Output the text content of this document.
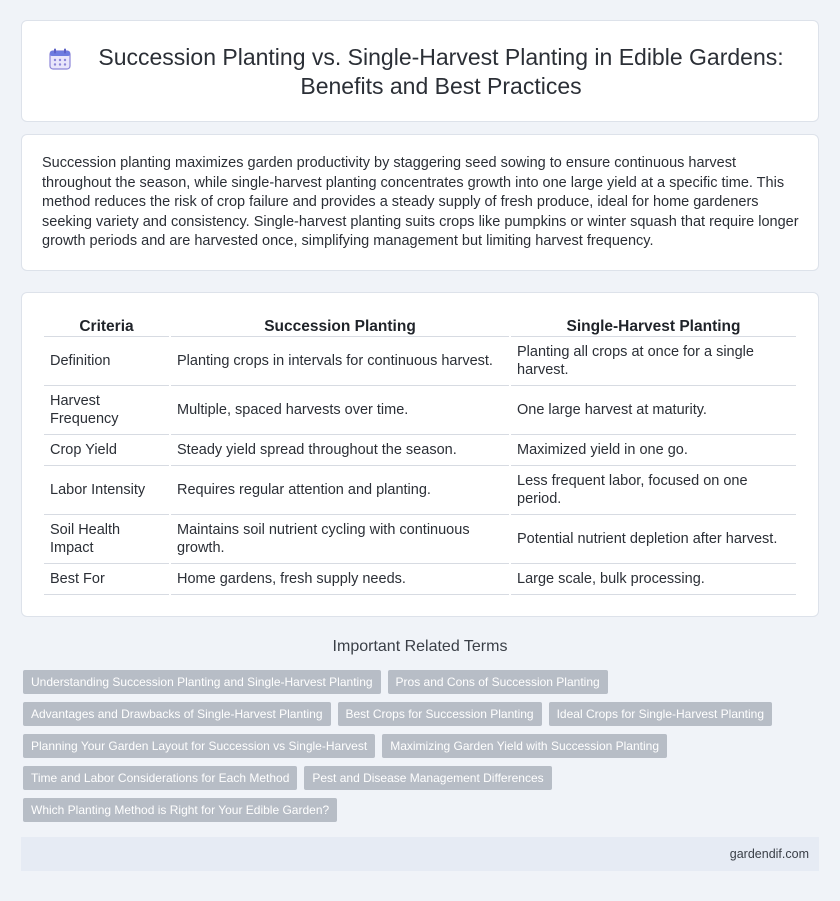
Succession Planting vs. Single-Harvest Planting in Edible Gardens: Benefits and Best Practices

Succession planting maximizes garden productivity by staggering seed sowing to ensure continuous harvest throughout the season, while single-harvest planting concentrates growth into one large yield at a specific time. This method reduces the risk of crop failure and provides a steady supply of fresh produce, ideal for home gardeners seeking variety and consistency. Single-harvest planting suits crops like pumpkins or winter squash that require longer growth periods and are harvested once, simplifying management but limiting harvest frequency.

Criteria	Succession Planting	Single-Harvest Planting
Definition	Planting crops in intervals for continuous harvest.	Planting all crops at once for a single harvest.
Harvest Frequency	Multiple, spaced harvests over time.	One large harvest at maturity.
Crop Yield	Steady yield spread throughout the season.	Maximized yield in one go.
Labor Intensity	Requires regular attention and planting.	Less frequent labor, focused on one period.
Soil Health Impact	Maintains soil nutrient cycling with continuous growth.	Potential nutrient depletion after harvest.
Best For	Home gardens, fresh supply needs.	Large scale, bulk processing.
Important Related Terms
Understanding Succession Planting and Single-Harvest Planting	Pros and Cons of Succession Planting
Advantages and Drawbacks of Single-Harvest Planting	Best Crops for Succession Planting	Ideal Crops for Single-Harvest Planting
Planning Your Garden Layout for Succession vs Single-Harvest	Maximizing Garden Yield with Succession Planting
Time and Labor Considerations for Each Method	Pest and Disease Management Differences
Which Planting Method is Right for Your Edible Garden?
gardendif.com
